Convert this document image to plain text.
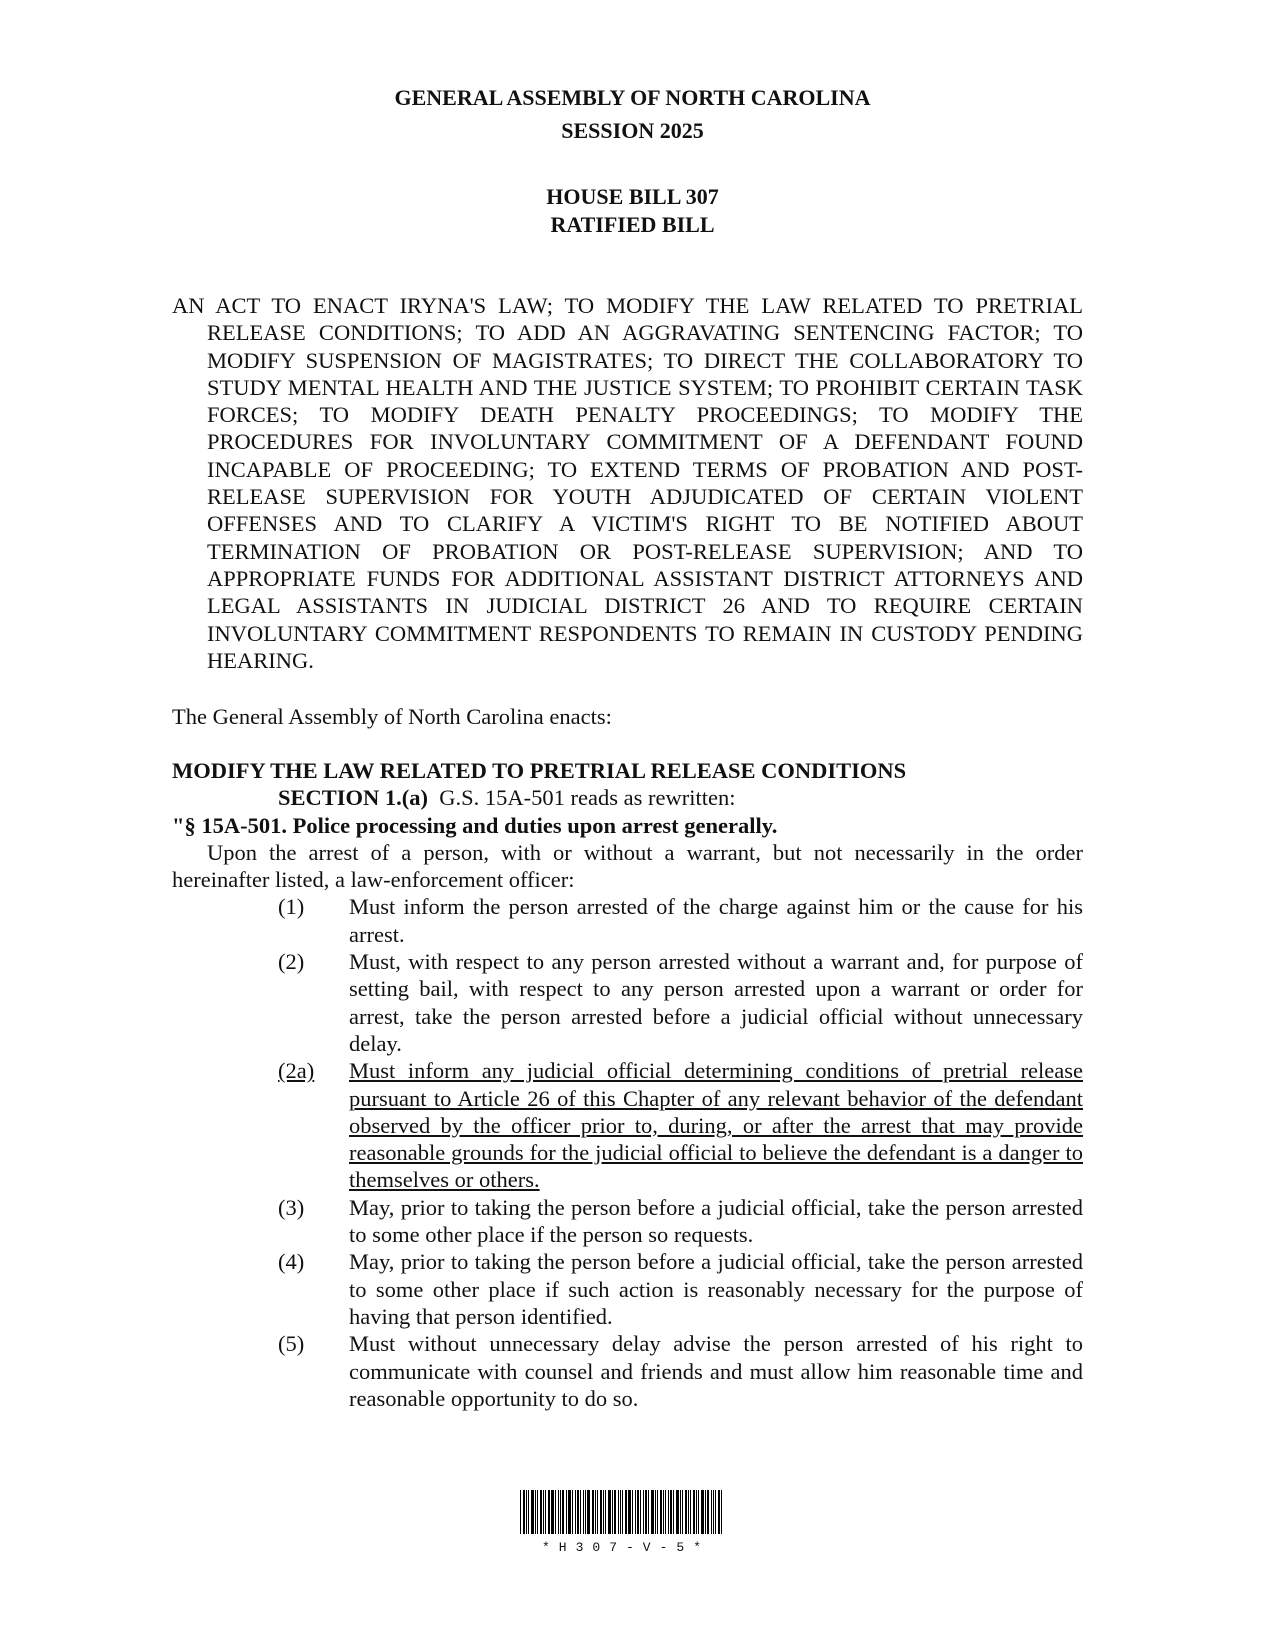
GENERAL ASSEMBLY OF NORTH CAROLINA
SESSION 2025
HOUSE BILL 307
RATIFIED BILL
AN ACT TO ENACT IRYNA'S LAW; TO MODIFY THE LAW RELATED TO PRETRIAL RELEASE CONDITIONS; TO ADD AN AGGRAVATING SENTENCING FACTOR; TO MODIFY SUSPENSION OF MAGISTRATES; TO DIRECT THE COLLABORATORY TO STUDY MENTAL HEALTH AND THE JUSTICE SYSTEM; TO PROHIBIT CERTAIN TASK FORCES; TO MODIFY DEATH PENALTY PROCEEDINGS; TO MODIFY THE PROCEDURES FOR INVOLUNTARY COMMITMENT OF A DEFENDANT FOUND INCAPABLE OF PROCEEDING; TO EXTEND TERMS OF PROBATION AND POST-RELEASE SUPERVISION FOR YOUTH ADJUDICATED OF CERTAIN VIOLENT OFFENSES AND TO CLARIFY A VICTIM'S RIGHT TO BE NOTIFIED ABOUT TERMINATION OF PROBATION OR POST-RELEASE SUPERVISION; AND TO APPROPRIATE FUNDS FOR ADDITIONAL ASSISTANT DISTRICT ATTORNEYS AND LEGAL ASSISTANTS IN JUDICIAL DISTRICT 26 AND TO REQUIRE CERTAIN INVOLUNTARY COMMITMENT RESPONDENTS TO REMAIN IN CUSTODY PENDING HEARING.
The General Assembly of North Carolina enacts:
MODIFY THE LAW RELATED TO PRETRIAL RELEASE CONDITIONS
SECTION 1.(a)  G.S. 15A-501 reads as rewritten:
"§ 15A-501. Police processing and duties upon arrest generally.
Upon the arrest of a person, with or without a warrant, but not necessarily in the order hereinafter listed, a law-enforcement officer:
(1)	Must inform the person arrested of the charge against him or the cause for his arrest.
(2)	Must, with respect to any person arrested without a warrant and, for purpose of setting bail, with respect to any person arrested upon a warrant or order for arrest, take the person arrested before a judicial official without unnecessary delay.
(2a)	Must inform any judicial official determining conditions of pretrial release pursuant to Article 26 of this Chapter of any relevant behavior of the defendant observed by the officer prior to, during, or after the arrest that may provide reasonable grounds for the judicial official to believe the defendant is a danger to themselves or others.
(3)	May, prior to taking the person before a judicial official, take the person arrested to some other place if the person so requests.
(4)	May, prior to taking the person before a judicial official, take the person arrested to some other place if such action is reasonably necessary for the purpose of having that person identified.
(5)	Must without unnecessary delay advise the person arrested of his right to communicate with counsel and friends and must allow him reasonable time and reasonable opportunity to do so.
*H307-V-5*
